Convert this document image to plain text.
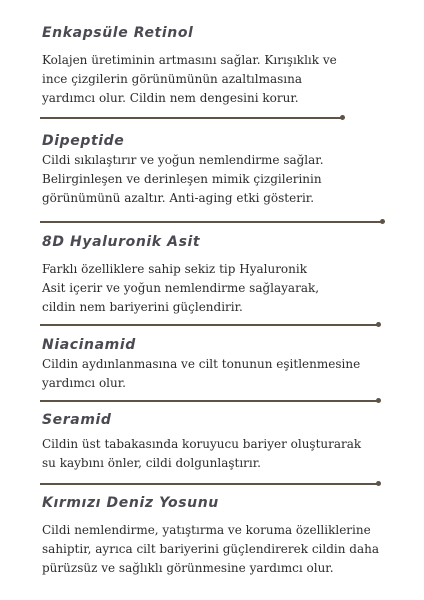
Enkapsüle Retinol

Kolajen üretiminin artmasını sağlar. Kırışıklık ve
ince çizgilerin görünümünün azaltılmasına
yardımcı olur. Cildin nem dengesini korur.

Dipeptide

Cildi sıkılaştırır ve yoğun nemlendirme sağlar.
Belirginleşen ve derinleşen mimik çizgilerinin
görünümünü azaltır. Anti-aging etki gösterir.

8D Hyaluronik Asit

Farklı özelliklere sahip sekiz tip Hyaluronik
Asit içerir ve yoğun nemlendirme sağlayarak,
cildin nem bariyerini güçlendirir.

Niacinamid

Cildin aydınlanmasına ve cilt tonunun eşitlenmesine
yardımcı olur.

Seramid

Cildin üst tabakasında koruyucu bariyer oluşturarak
su kaybını önler, cildi dolgunlaştırır.

Kırmızı Deniz Yosunu

Cildi nemlendirme, yatıştırma ve koruma özelliklerine
sahiptir, ayrıca cilt bariyerini güçlendirerek cildin daha
pürüzsüz ve sağlıklı görünmesine yardımcı olur.
